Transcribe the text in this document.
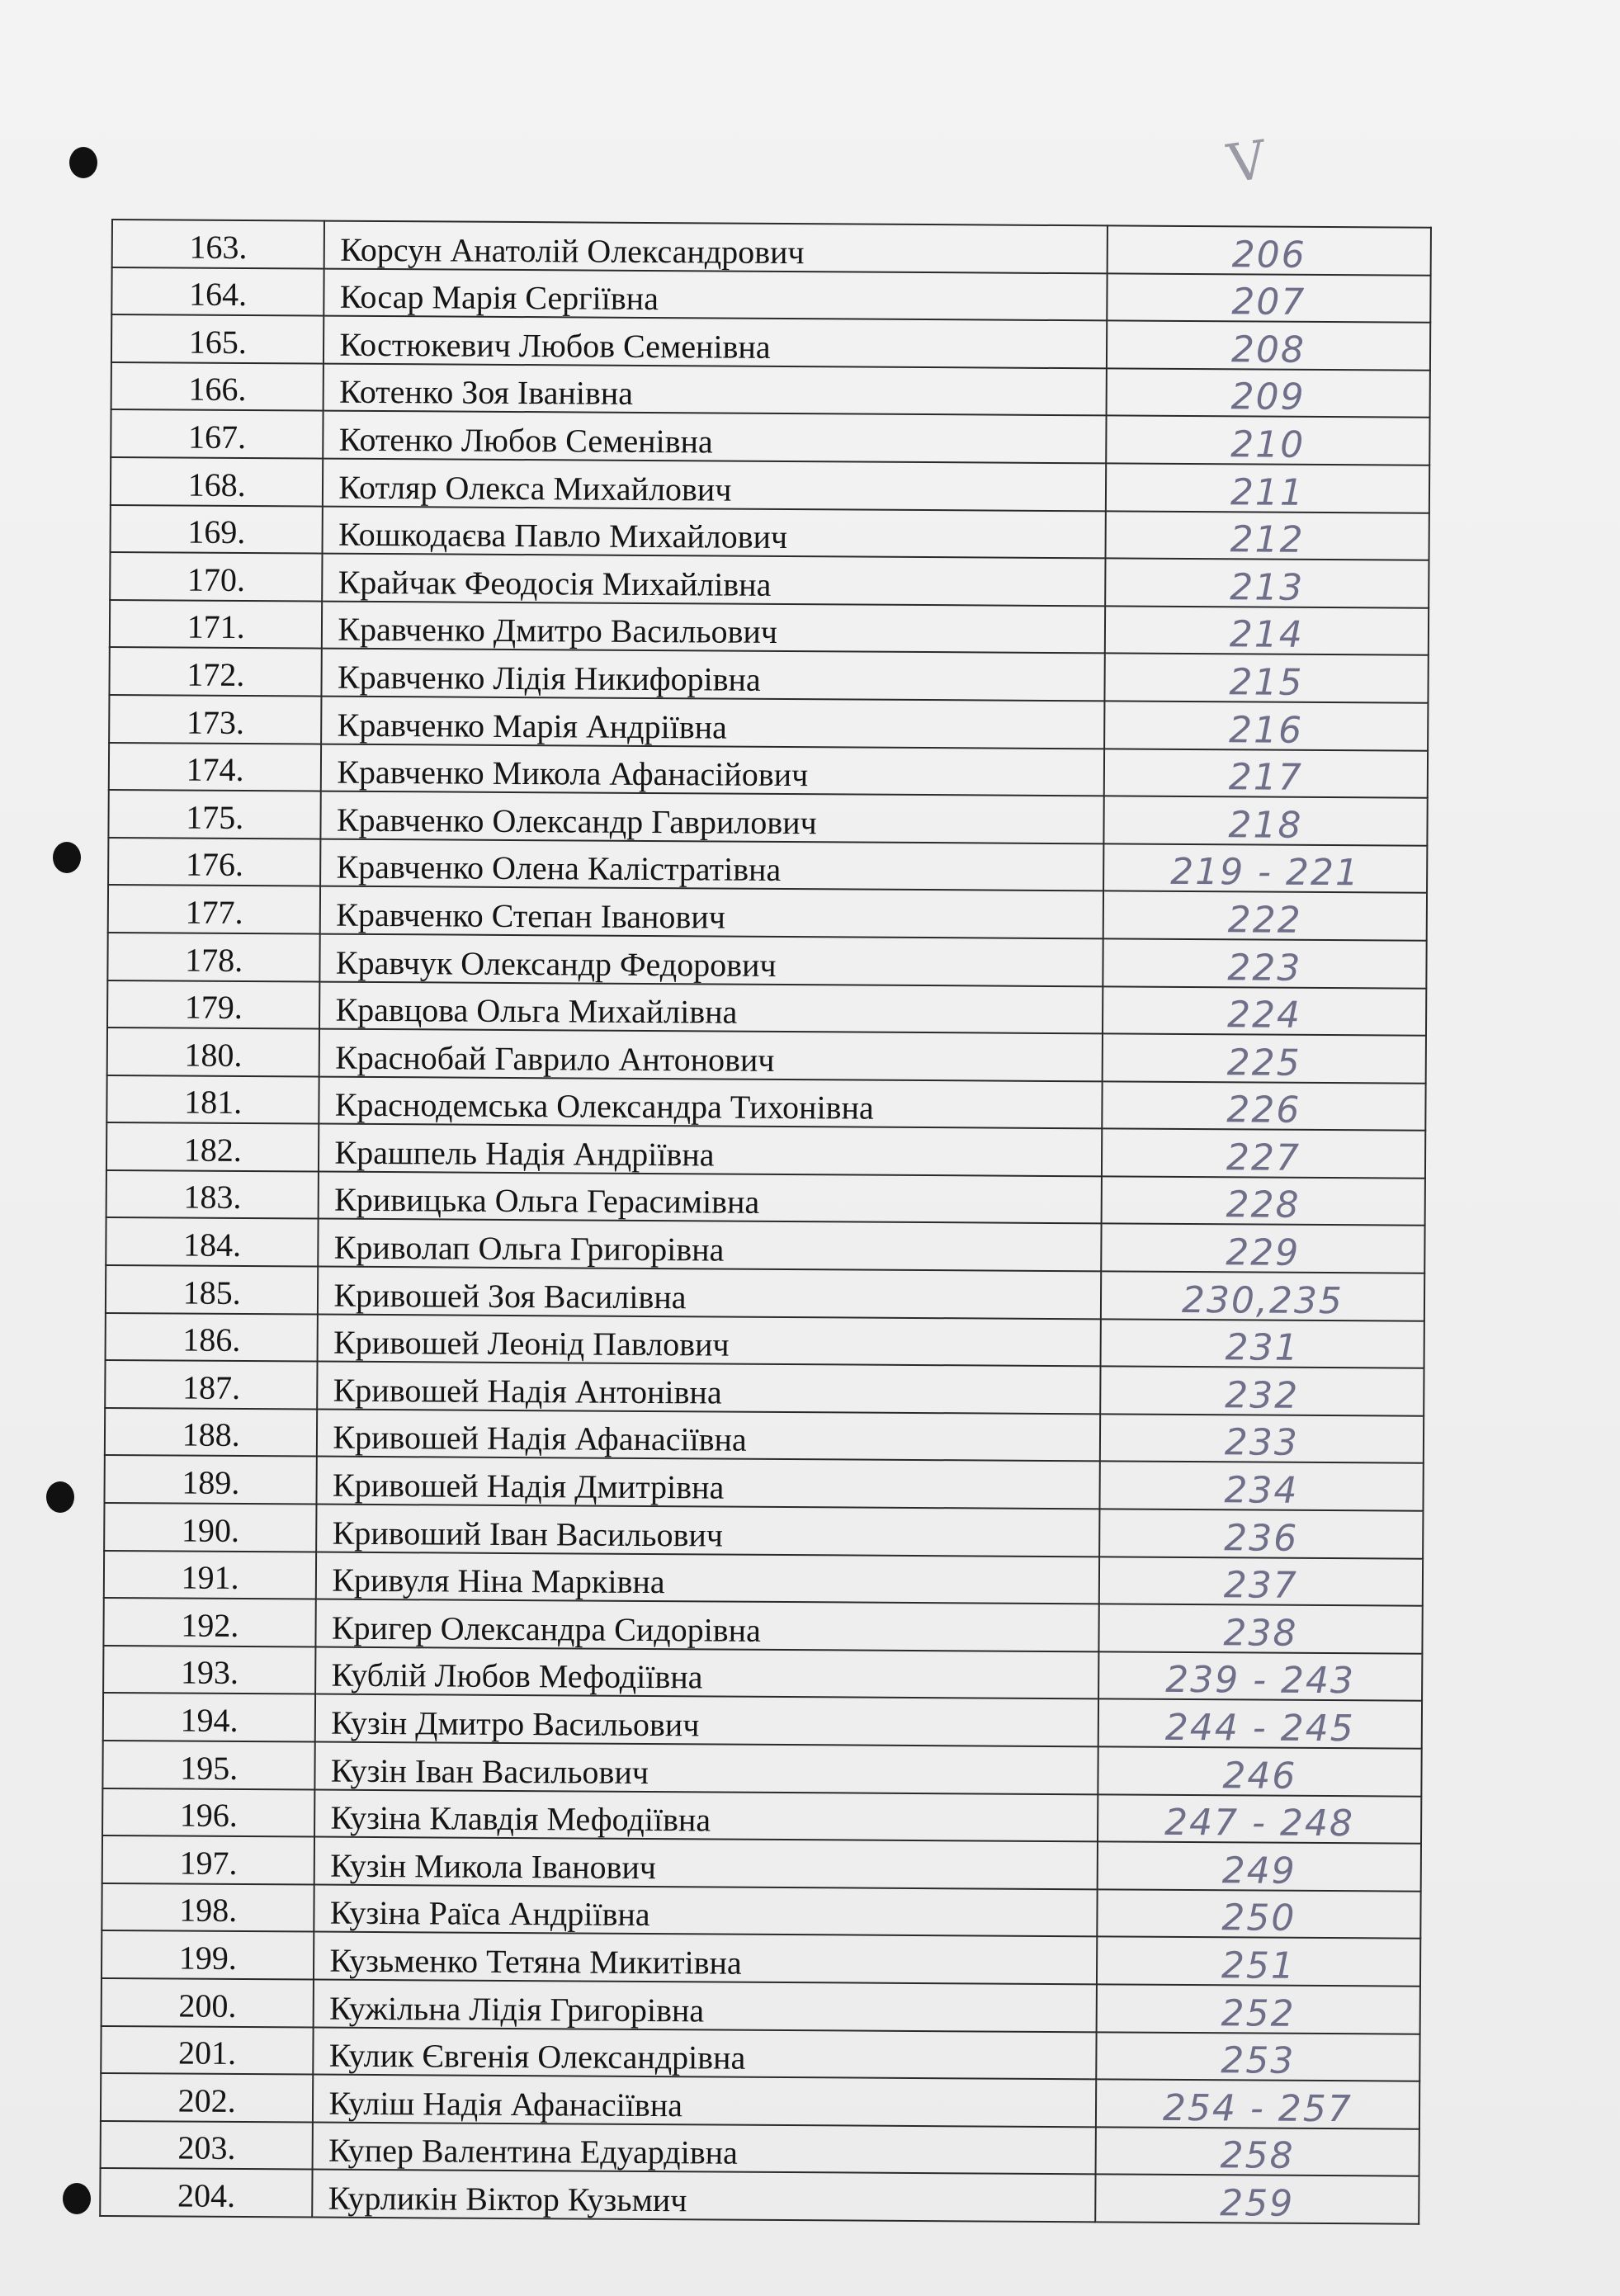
V
163.	Корсун Анатолій Олександрович	206
164.	Косар Марія Сергіївна	207
165.	Костюкевич Любов Семенівна	208
166.	Котенко Зоя Іванівна	209
167.	Котенко Любов Семенівна	210
168.	Котляр Олекса Михайлович	211
169.	Кошкодаєва Павло Михайлович	212
170.	Крайчак Феодосія Михайлівна	213
171.	Кравченко Дмитро Васильович	214
172.	Кравченко Лідія Никифорівна	215
173.	Кравченко Марія Андріївна	216
174.	Кравченко Микола Афанасійович	217
175.	Кравченко Олександр Гаврилович	218
176.	Кравченко Олена Калістратівна	219 - 221
177.	Кравченко Степан Іванович	222
178.	Кравчук Олександр Федорович	223
179.	Кравцова Ольга Михайлівна	224
180.	Краснобай Гаврило Антонович	225
181.	Краснодемська Олександра Тихонівна	226
182.	Крашпель Надія Андріївна	227
183.	Кривицька Ольга Герасимівна	228
184.	Криволап Ольга Григорівна	229
185.	Кривошей Зоя Василівна	230,235
186.	Кривошей Леонід Павлович	231
187.	Кривошей Надія Антонівна	232
188.	Кривошей Надія Афанасіївна	233
189.	Кривошей Надія Дмитрівна	234
190.	Кривоший Іван Васильович	236
191.	Кривуля Ніна Марківна	237
192.	Кригер Олександра Сидорівна	238
193.	Кублій Любов Мефодіївна	239 - 243
194.	Кузін Дмитро Васильович	244 - 245
195.	Кузін Іван Васильович	246
196.	Кузіна Клавдія Мефодіївна	247 - 248
197.	Кузін Микола Іванович	249
198.	Кузіна Раїса Андріївна	250
199.	Кузьменко Тетяна Микитівна	251
200.	Кужільна Лідія Григорівна	252
201.	Кулик Євгенія Олександрівна	253
202.	Куліш Надія Афанасіївна	254 - 257
203.	Купер Валентина Едуардівна	258
204.	Курликін Віктор Кузьмич	259
